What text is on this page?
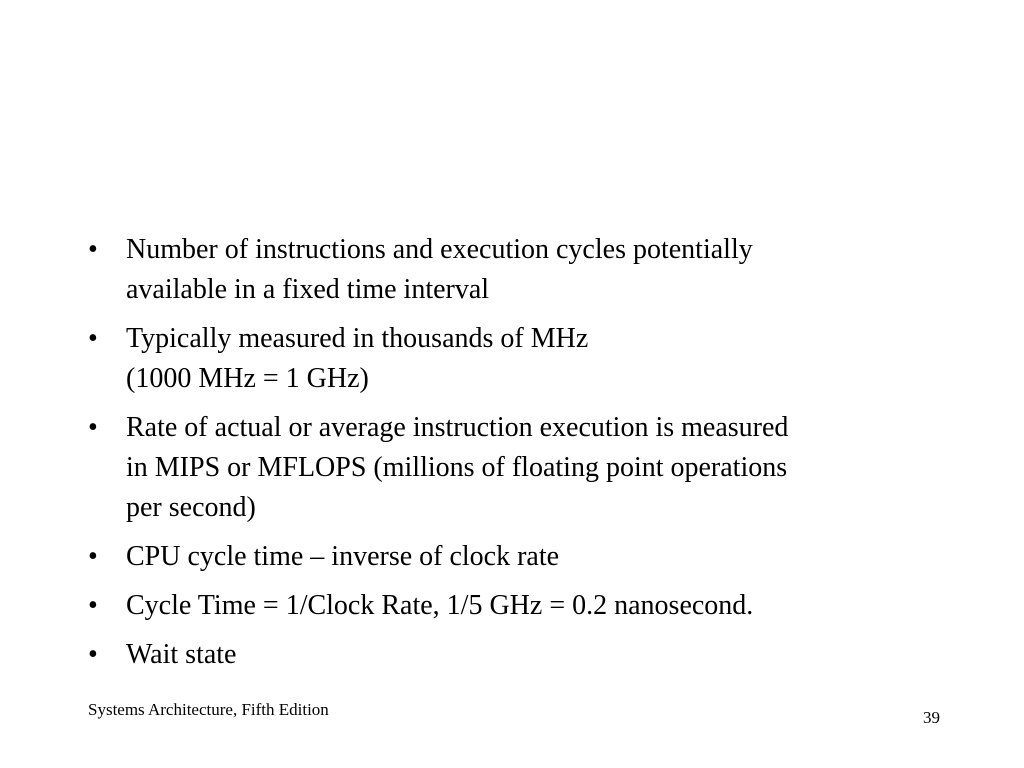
•	Number of instructions and execution cycles potentially
available in a fixed time interval
•	Typically measured in thousands of MHz
(1000 MHz = 1 GHz)
•	Rate of actual or average instruction execution is measured
in MIPS or MFLOPS (millions of floating point operations
per second)
•	CPU cycle time – inverse of clock rate
•	Cycle Time = 1/Clock Rate, 1/5 GHz = 0.2 nanosecond.
•	Wait state
Systems Architecture, Fifth Edition	39
